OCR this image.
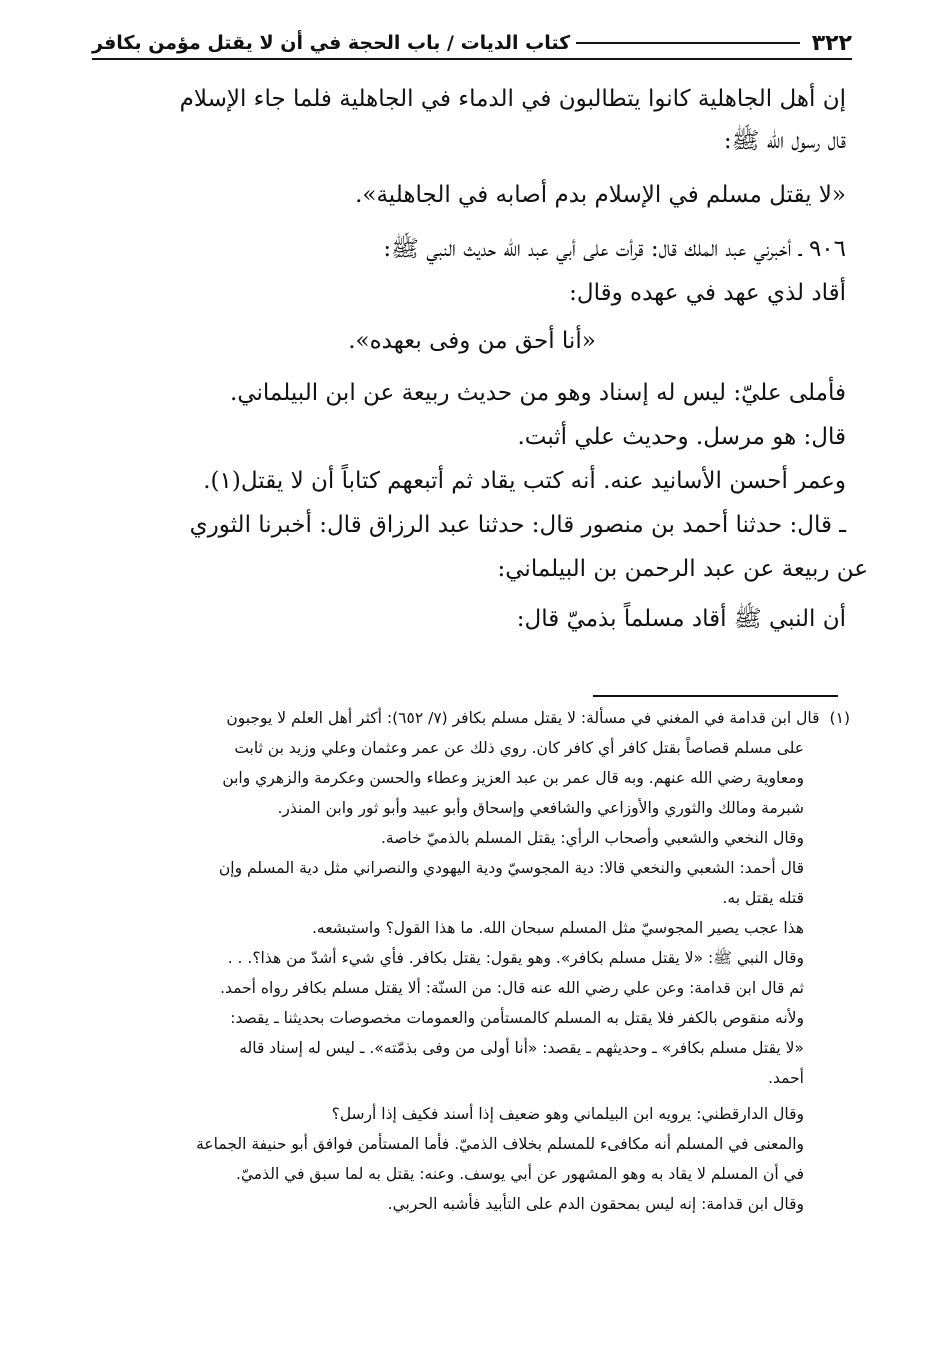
٣٢٢
كتاب الديات / باب الحجة في أن لا يقتل مؤمن بكافر
إن أهل الجاهلية كانوا يتطالبون في الدماء في الجاهلية فلما جاء الإسلام
قال رسول الله ﷺ:
«لا يقتل مسلم في الإسلام بدم أصابه في الجاهلية».
٩٠٦ ـ أخبرني عبد الملك قال: قرأت على أبي عبد الله حديث النبي ﷺ:
أقاد لذي عهد في عهده وقال:
«أنا أحق من وفى بعهده».
فأملى عليّ: ليس له إسناد وهو من حديث ربيعة عن ابن البيلماني.
قال: هو مرسل. وحديث علي أثبت.
وعمر أحسن الأسانيد عنه. أنه كتب يقاد ثم أتبعهم كتاباً أن لا يقتل(١).
ـ قال: حدثنا أحمد بن منصور قال: حدثنا عبد الرزاق قال: أخبرنا الثوري
عن ربيعة عن عبد الرحمن بن البيلماني:
أن النبي ﷺ أقاد مسلماً بذميّ قال:
(١)قال ابن قدامة في المغني في مسألة: لا يقتل مسلم بكافر (٧/ ٦٥٢): أكثر أهل العلم لا يوجبون
على مسلم قصاصاً بقتل كافر أي كافر كان. روي ذلك عن عمر وعثمان وعلي وزيد بن ثابت
ومعاوية رضي الله عنهم. وبه قال عمر بن عبد العزيز وعطاء والحسن وعكرمة والزهري وابن
شبرمة ومالك والثوري والأوزاعي والشافعي وإسحاق وأبو عبيد وأبو ثور وابن المنذر.
وقال النخعي والشعبي وأصحاب الرأي: يقتل المسلم بالذميّ خاصة.
قال أحمد: الشعبي والنخعي قالا: دية المجوسيّ ودية اليهودي والنصراني مثل دية المسلم وإن
قتله يقتل به.
هذا عجب يصير المجوسيّ مثل المسلم سبحان الله. ما هذا القول؟ واستبشعه.
وقال النبي ﷺ: «لا يقتل مسلم بكافر». وهو يقول: يقتل بكافر. فأي شيء أشدّ من هذا؟. . .
ثم قال ابن قدامة: وعن علي رضي الله عنه قال: من السنّة: ألا يقتل مسلم بكافر رواه أحمد.
ولأنه منقوص بالكفر فلا يقتل به المسلم كالمستأمن والعمومات مخصوصات بحديثنا ـ يقصد:
«لا يقتل مسلم بكافر» ـ وحديثهم ـ يقصد: «أنا أولى من وفى بذمّته». ـ ليس له إسناد قاله
أحمد.
وقال الدارقطني: يرويه ابن البيلماني وهو ضعيف إذا أسند فكيف إذا أرسل؟
والمعنى في المسلم أنه مكافىء للمسلم بخلاف الذميّ. فأما المستأمن فوافق أبو حنيفة الجماعة
في أن المسلم لا يقاد به وهو المشهور عن أبي يوسف. وعنه: يقتل به لما سبق في الذميّ.
وقال ابن قدامة: إنه ليس بمحقون الدم على التأبيد فأشبه الحربي.
